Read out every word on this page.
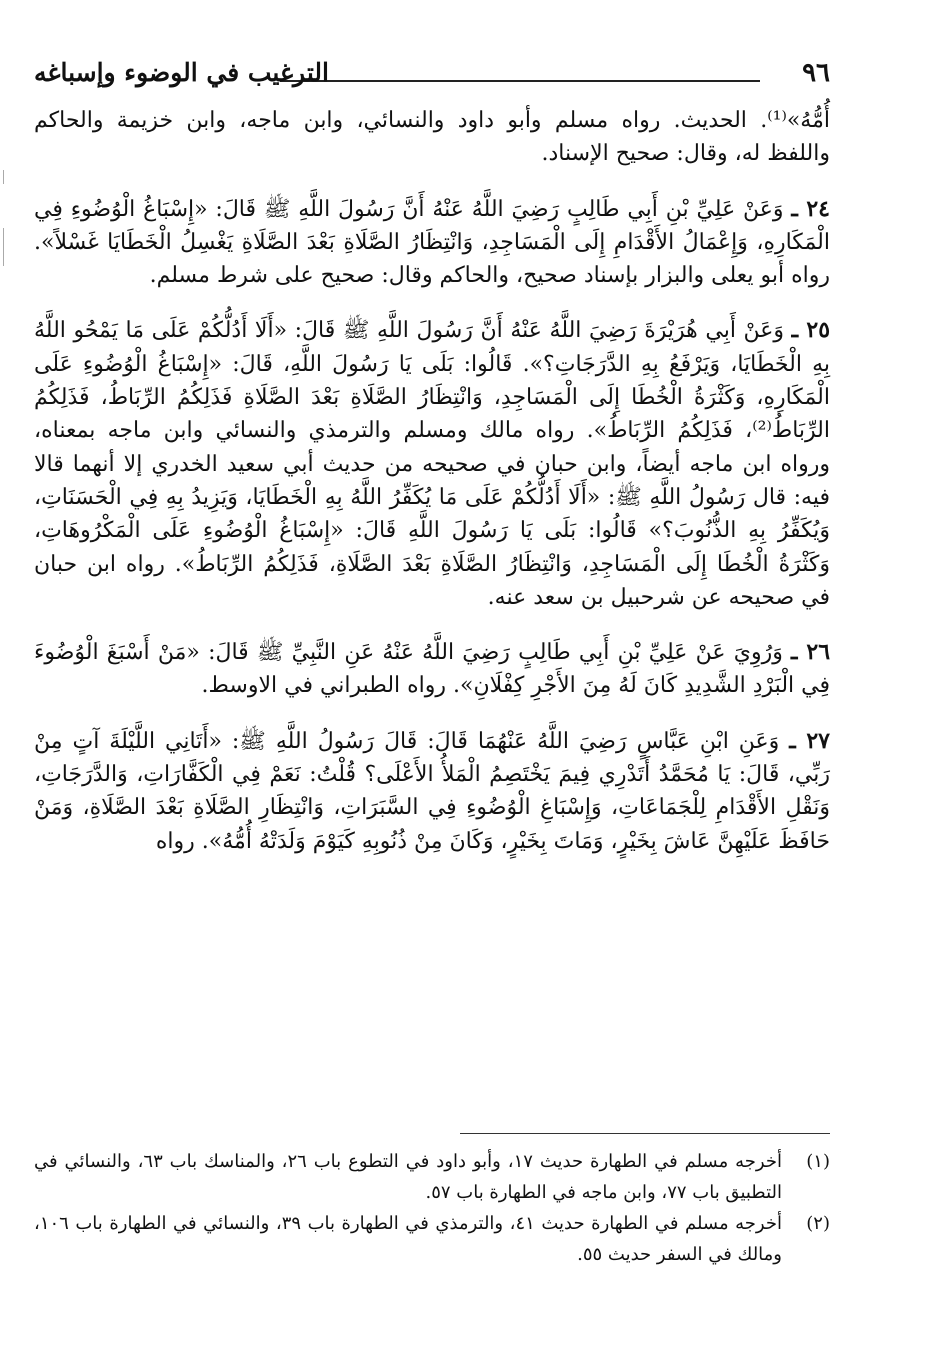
٩٦
الترغيب في الوضوء وإسباغه

أُمُّهُ»⁽¹⁾. الحديث. رواه مسلم وأبو داود والنسائي، وابن ماجه، وابن خزيمة والحاكم واللفظ له، وقال: صحيح الإسناد.

٢٤ ـ وَعَنْ عَلِيِّ بْنِ أَبِي طَالِبٍ رَضِيَ اللَّهُ عَنْهُ أَنَّ رَسُولَ اللَّهِ ﷺ قَالَ: «إِسْبَاغُ الْوُضُوءِ فِي الْمَكَارِهِ، وَإِعْمَالُ الأَقْدَامِ إِلَى الْمَسَاجِدِ، وَانْتِظَارُ الصَّلَاةِ بَعْدَ الصَّلَاةِ يَغْسِلُ الْخَطَايَا غَسْلاً». رواه أبو يعلى والبزار بإسناد صحيح، والحاكم وقال: صحيح على شرط مسلم.

٢٥ ـ وَعَنْ أَبِي هُرَيْرَةَ رَضِيَ اللَّهُ عَنْهُ أَنَّ رَسُولَ اللَّهِ ﷺ قَالَ: «أَلَا أَدُلُّكُمْ عَلَى مَا يَمْحُو اللَّهُ بِهِ الْخَطَايَا، وَيَرْفَعُ بِهِ الدَّرَجَاتِ؟». قَالُوا: بَلَى يَا رَسُولَ اللَّهِ، قَالَ: «إِسْبَاغُ الْوُضُوءِ عَلَى الْمَكَارِهِ، وَكَثْرَةُ الْخُطَا إِلَى الْمَسَاجِدِ، وَانْتِظَارُ الصَّلَاةِ بَعْدَ الصَّلَاةِ فَذَلِكُمُ الرِّبَاطُ، فَذَلِكُمُ الرِّبَاطُ⁽²⁾، فَذَلِكُمُ الرِّبَاطُ». رواه مالك ومسلم والترمذي والنسائي وابن ماجه بمعناه، ورواه ابن ماجه أيضاً، وابن حبان في صحيحه من حديث أبي سعيد الخدري إلا أنهما قالا فيه: قال رَسُولُ اللَّهِ ﷺ: «أَلَا أَدُلُّكُمْ عَلَى مَا يُكَفِّرُ اللَّهُ بِهِ الْخَطَايَا، وَيَزِيدُ بِهِ فِي الْحَسَنَاتِ، وَيُكَفِّرُ بِهِ الذُّنُوبَ؟» قَالُوا: بَلَى يَا رَسُولَ اللَّهِ قَالَ: «إِسْبَاغُ الْوُضُوءِ عَلَى الْمَكْرُوهَاتِ، وَكَثْرَةُ الْخُطَا إِلَى الْمَسَاجِدِ، وَانْتِظَارُ الصَّلَاةِ بَعْدَ الصَّلَاةِ، فَذَلِكُمُ الرِّبَاطُ». رواه ابن حبان في صحيحه عن شرحبيل بن سعد عنه.

٢٦ ـ وَرُوِيَ عَنْ عَلِيِّ بْنِ أَبِي طَالِبٍ رَضِيَ اللَّهُ عَنْهُ عَنِ النَّبِيِّ ﷺ قَالَ: «مَنْ أَسْبَغَ الْوُضُوءَ فِي الْبَرْدِ الشَّدِيدِ كَانَ لَهُ مِنَ الأَجْرِ كِفْلَانِ». رواه الطبراني في الاوسط.

٢٧ ـ وَعَنِ ابْنِ عَبَّاسٍ رَضِيَ اللَّهُ عَنْهُمَا قَالَ: قَالَ رَسُولُ اللَّهِ ﷺ: «أَتَانِي اللَّيْلَةَ آتٍ مِنْ رَبِّي، قَالَ: يَا مُحَمَّدُ أَتَدْرِي فِيمَ يَخْتَصِمُ الْمَلأُ الأَعْلَى؟ قُلْتُ: نَعَمْ فِي الْكَفَّارَاتِ، وَالدَّرَجَاتِ، وَنَقْلِ الأَقْدَامِ لِلْجَمَاعَاتِ، وَإِسْبَاغِ الْوُضُوءِ فِي السَّبَرَاتِ، وَانْتِظَارِ الصَّلَاةِ بَعْدَ الصَّلَاةِ، وَمَنْ حَافَظَ عَلَيْهِنَّ عَاشَ بِخَيْرٍ، وَمَاتَ بِخَيْرٍ، وَكَانَ مِنْ ذُنُوبِهِ كَيَوْمَ وَلَدَتْهُ أُمُّهُ». رواه

(١)
أخرجه مسلم في الطهارة حديث ١٧، وأبو داود في التطوع باب ٢٦، والمناسك باب ٦٣، والنسائي في التطبيق باب ٧٧، وابن ماجه في الطهارة باب ٥٧.
(٢)
أخرجه مسلم في الطهارة حديث ٤١، والترمذي في الطهارة باب ٣٩، والنسائي في الطهارة باب ١٠٦، ومالك في السفر حديث ٥٥.
